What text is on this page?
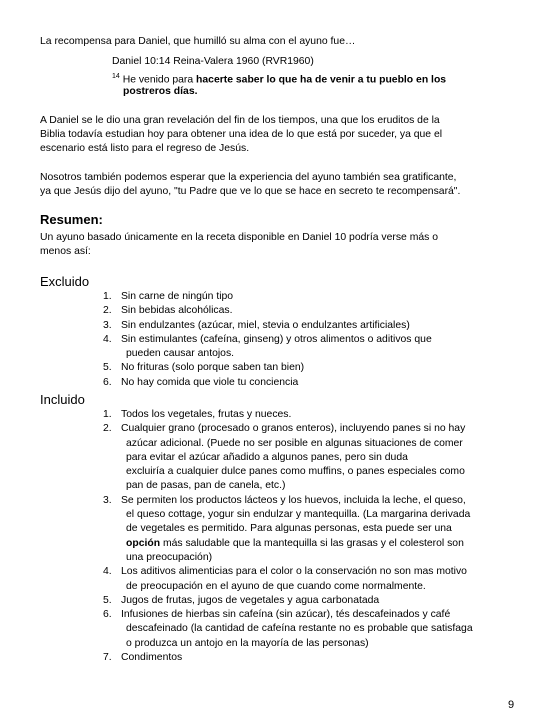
La recompensa para Daniel, que humilló su alma con el ayuno fue…
Daniel 10:14 Reina-Valera 1960 (RVR1960)
$^{14}$ He venido para hacerte saber lo que ha de venir a tu pueblo en los
postreros días.
A Daniel se le dio una gran revelación del fin de los tiempos, una que los eruditos de la
Biblia todavía estudian hoy para obtener una idea de lo que está por suceder, ya que el
escenario está listo para el regreso de Jesús.
Nosotros también podemos esperar que la experiencia del ayuno también sea gratificante,
ya que Jesús dijo del ayuno, "tu Padre que ve lo que se hace en secreto te recompensará".
Resumen:
Un ayuno basado únicamente en la receta disponible en Daniel 10 podría verse más o
menos así:
Excluido
1. Sin carne de ningún tipo
2. Sin bebidas alcohólicas.
3. Sin endulzantes (azúcar, miel, stevia o endulzantes artificiales)
4. Sin estimulantes (cafeína, ginseng) y otros alimentos o aditivos que
pueden causar antojos.
5. No frituras (solo porque saben tan bien)
6. No hay comida que viole tu conciencia
Incluido
1. Todos los vegetales, frutas y nueces.
2. Cualquier grano (procesado o granos enteros), incluyendo panes si no hay
azúcar adicional. (Puede no ser posible en algunas situaciones de comer
para evitar el azúcar añadido a algunos panes, pero sin duda
excluiría a cualquier dulce panes como muffins, o panes especiales como
pan de pasas, pan de canela, etc.)
3. Se permiten los productos lácteos y los huevos, incluida la leche, el queso,
el queso cottage, yogur sin endulzar y mantequilla. (La margarina derivada
de vegetales es permitido. Para algunas personas, esta puede ser una
opción más saludable que la mantequilla si las grasas y el colesterol son
una preocupación)
4. Los aditivos alimenticias para el color o la conservación no son mas motivo
de preocupación en el ayuno de que cuando come normalmente.
5. Jugos de frutas, jugos de vegetales y agua carbonatada
6. Infusiones de hierbas sin cafeína (sin azúcar), tés descafeinados y café
descafeinado (la cantidad de cafeína restante no es probable que satisfaga
o produzca un antojo en la mayoría de las personas)
7. Condimentos
9
